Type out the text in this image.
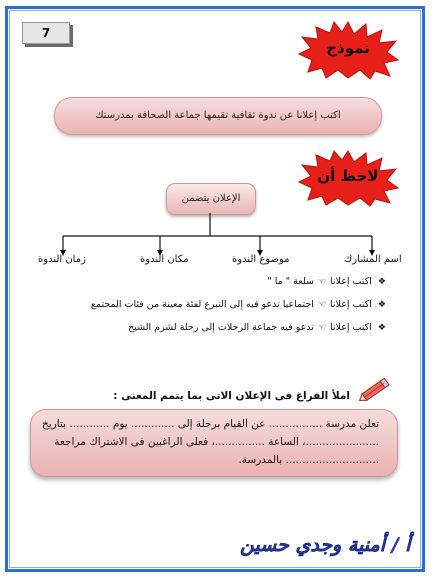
7
نموذج
اكتب إعلانا عن ندوة ثقافية تقيمها جماعة الصحافة بمدرستك
لاحظ أن
الإعلان يتضمن
اسم المشارك
موضوع الندوة
مكان الندوة
زمان الندوة
❖اكتب إعلانا☜سلعة " ما "
❖اكتب إعلانا☜اجتماعيا تدعو فيه إلى التبرع لفئة معينة من فئات المجتمع
❖اكتب إعلانا☜تدعو فيه جماعة الرحلات إلى رحلة لشرم الشيخ
املأ الفراغ فى الإعلان الاتى بما يتمم المعنى :
تعلن مدرسة ................ عن القيام برحلة إلى ............. يوم ............ بتاريخ
......................، الساعة ...............، فعلى الراغبين فى الاشتراك مراجعة
............................ بالمدرسة.
أ / أمنية وجدي حسين
